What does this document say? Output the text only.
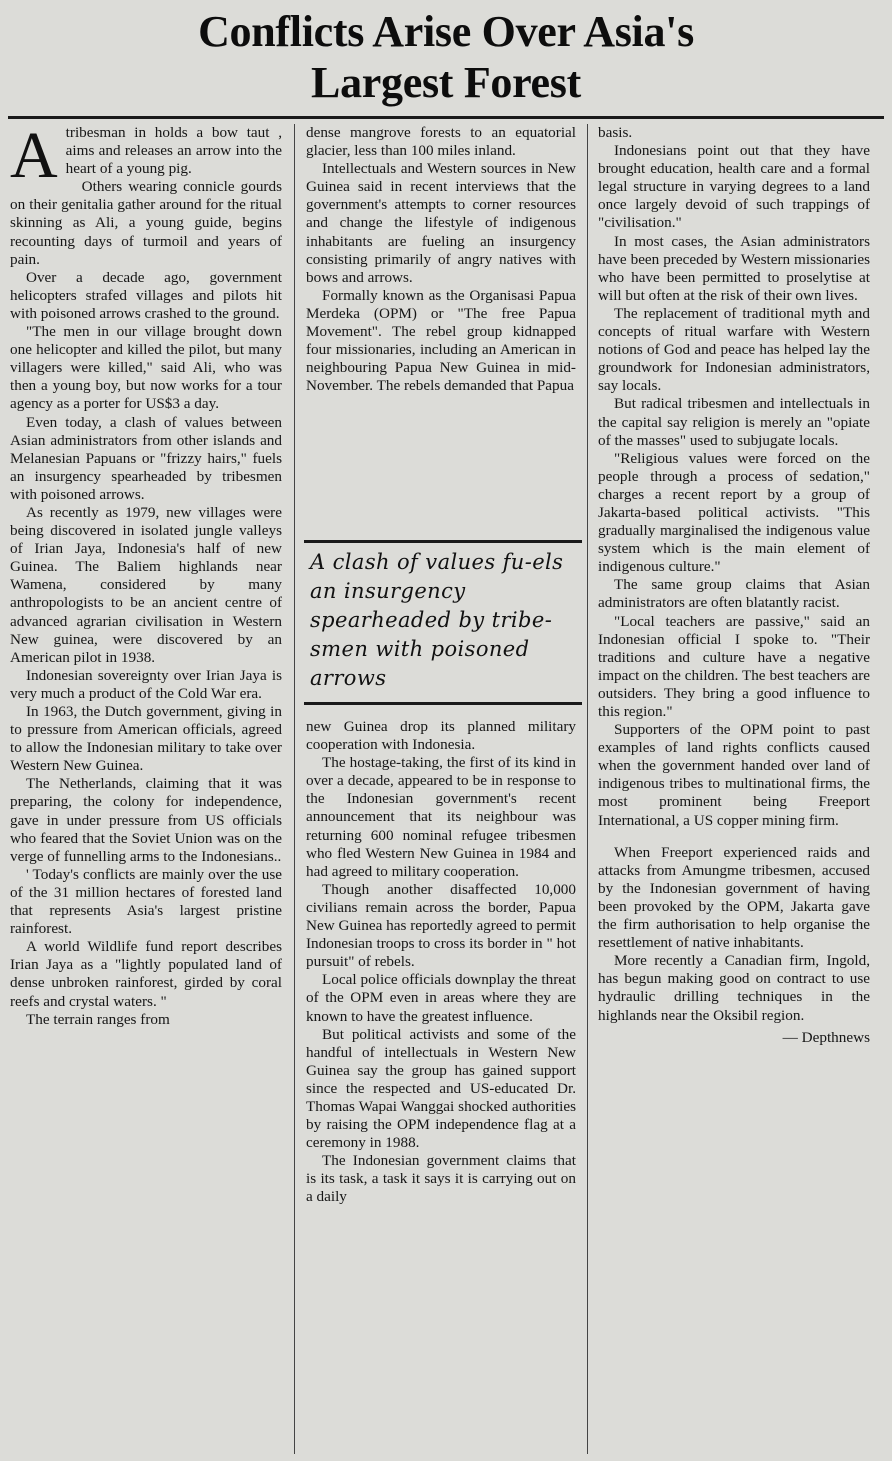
Conflicts Arise Over Asia's
Largest Forest

Atribesman in holds a bow taut , aims and releases an arrow into the heart of a young pig.

Others wearing connicle gourds on their genitalia gather around for the ritual skinning as Ali, a young guide, begins recounting days of turmoil and years of pain.

Over a decade ago, government helicopters strafed villages and pilots hit with poisoned arrows crashed to the ground.

"The men in our village brought down one helicopter and killed the pilot, but many villagers were killed," said Ali, who was then a young boy, but now works for a tour agency as a porter for US$3 a day.

Even today, a clash of values between Asian administrators from other islands and Melanesian Papuans or "frizzy hairs," fuels an insurgency spearheaded by tribesmen with poisoned arrows.

As recently as 1979, new villages were being discovered in isolated jungle valleys of Irian Jaya, Indonesia's half of new Guinea. The Baliem highlands near Wamena, considered by many anthropologists to be an ancient centre of advanced agrarian civilisation in Western New guinea, were discovered by an American pilot in 1938.

Indonesian sovereignty over Irian Jaya is very much a product of the Cold War era.

In 1963, the Dutch government, giving in to pressure from American officials, agreed to allow the Indonesian military to take over Western New Guinea.

The Netherlands, claiming that it was preparing, the colony for independence, gave in under pressure from US officials who feared that the Soviet Union was on the verge of funnelling arms to the Indonesians..

' Today's conflicts are mainly over the use of the 31 million hectares of forested land that represents Asia's largest pristine rainforest.

A world Wildlife fund report describes Irian Jaya as a "lightly populated land of dense unbroken rainforest, girded by coral reefs and crystal waters. "

The terrain ranges from

dense mangrove forests to an equatorial glacier, less than 100 miles inland.

Intellectuals and Western sources in New Guinea said in recent interviews that the government's attempts to corner resources and change the lifestyle of indigenous inhabitants are fueling an insurgency consisting primarily of angry natives with bows and arrows.

Formally known as the Organisasi Papua Merdeka (OPM) or "The free Papua Movement". The rebel group kidnapped four missionaries, including an American in neighbouring Papua New Guinea in mid-November. The rebels demanded that Papua

A clash of values fu-els an insurgency spearheaded by tribe-smen with poisoned arrows

new Guinea drop its planned military cooperation with Indonesia.

The hostage-taking, the first of its kind in over a decade, appeared to be in response to the Indonesian government's recent announcement that its neighbour was returning 600 nominal refugee tribesmen who fled Western New Guinea in 1984 and had agreed to military cooperation.

Though another disaffected 10,000 civilians remain across the border, Papua New Guinea has reportedly agreed to permit Indonesian troops to cross its border in " hot pursuit" of rebels.

Local police officials downplay the threat of the OPM even in areas where they are known to have the greatest influence.

But political activists and some of the handful of intellectuals in Western New Guinea say the group has gained support since the respected and US-educated Dr. Thomas Wapai Wanggai shocked authorities by raising the OPM independence flag at a ceremony in 1988.

The Indonesian government claims that is its task, a task it says it is carrying out on a daily

basis.

Indonesians point out that they have brought education, health care and a formal legal structure in varying degrees to a land once largely devoid of such trappings of "civilisation."

In most cases, the Asian administrators have been preceded by Western missionaries who have been permitted to proselytise at will but often at the risk of their own lives.

The replacement of traditional myth and concepts of ritual warfare with Western notions of God and peace has helped lay the groundwork for Indonesian administrators, say locals.

But radical tribesmen and intellectuals in the capital say religion is merely an "opiate of the masses" used to subjugate locals.

"Religious values were forced on the people through a process of sedation," charges a recent report by a group of Jakarta-based political activists. "This gradually marginalised the indigenous value system which is the main element of indigenous culture."

The same group claims that Asian administrators are often blatantly racist.

"Local teachers are passive," said an Indonesian official I spoke to. "Their traditions and culture have a negative impact on the children. The best teachers are outsiders. They bring a good influence to this region."

Supporters of the OPM point to past examples of land rights conflicts caused when the government handed over land of indigenous tribes to multinational firms, the most prominent being Freeport International, a US copper mining firm.

When Freeport experienced raids and attacks from Amungme tribesmen, accused by the Indonesian government of having been provoked by the OPM, Jakarta gave the firm authorisation to help organise the resettlement of native inhabitants.

More recently a Canadian firm, Ingold, has begun making good on contract to use hydraulic drilling techniques in the highlands near the Oksibil region.

— Depthnews
